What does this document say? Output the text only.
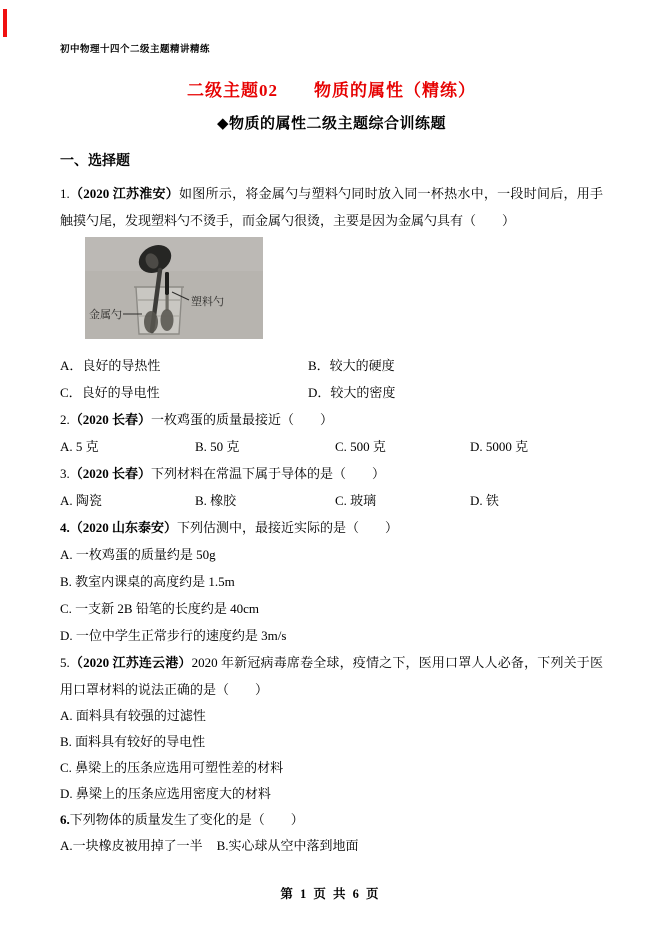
初中物理十四个二级主题精讲精练

二级主题02　　物质的属性（精练）

◆物质的属性二级主题综合训练题

一、选择题

1.（2020 江苏淮安）如图所示，将金属勺与塑料勺同时放入同一杯热水中，一段时间后，用手触摸勺尾，发现塑料勺不烫手，而金属勺很烫，主要是因为金属勺具有（　　）

金属勺
塑料勺
A．良好的导热性	B．较大的硬度
C．良好的导电性	D．较大的密度

2.（2020 长春）一枚鸡蛋的质量最接近（　　）

A. 5 克	B. 50 克	C. 500 克	D. 5000 克

3.（2020 长春）下列材料在常温下属于导体的是（　　）

A. 陶瓷	B. 橡胶	C. 玻璃	D. 铁

4.（2020 山东泰安）下列估测中，最接近实际的是（　　）

A. 一枚鸡蛋的质量约是 50g

B. 教室内课桌的高度约是 1.5m

C. 一支新 2B 铅笔的长度约是 40cm

D. 一位中学生正常步行的速度约是 3m/s

5.（2020 江苏连云港）2020 年新冠病毒席卷全球，疫情之下，医用口罩人人必备，下列关于医用口罩材料的说法正确的是（　　）

A. 面料具有较强的过滤性

B. 面料具有较好的导电性

C. 鼻梁上的压条应选用可塑性差的材料

D. 鼻梁上的压条应选用密度大的材料

6.下列物体的质量发生了变化的是（　　）

A.一块橡皮被用掉了一半 B.实心球从空中落到地面
第 1 页 共 6 页
